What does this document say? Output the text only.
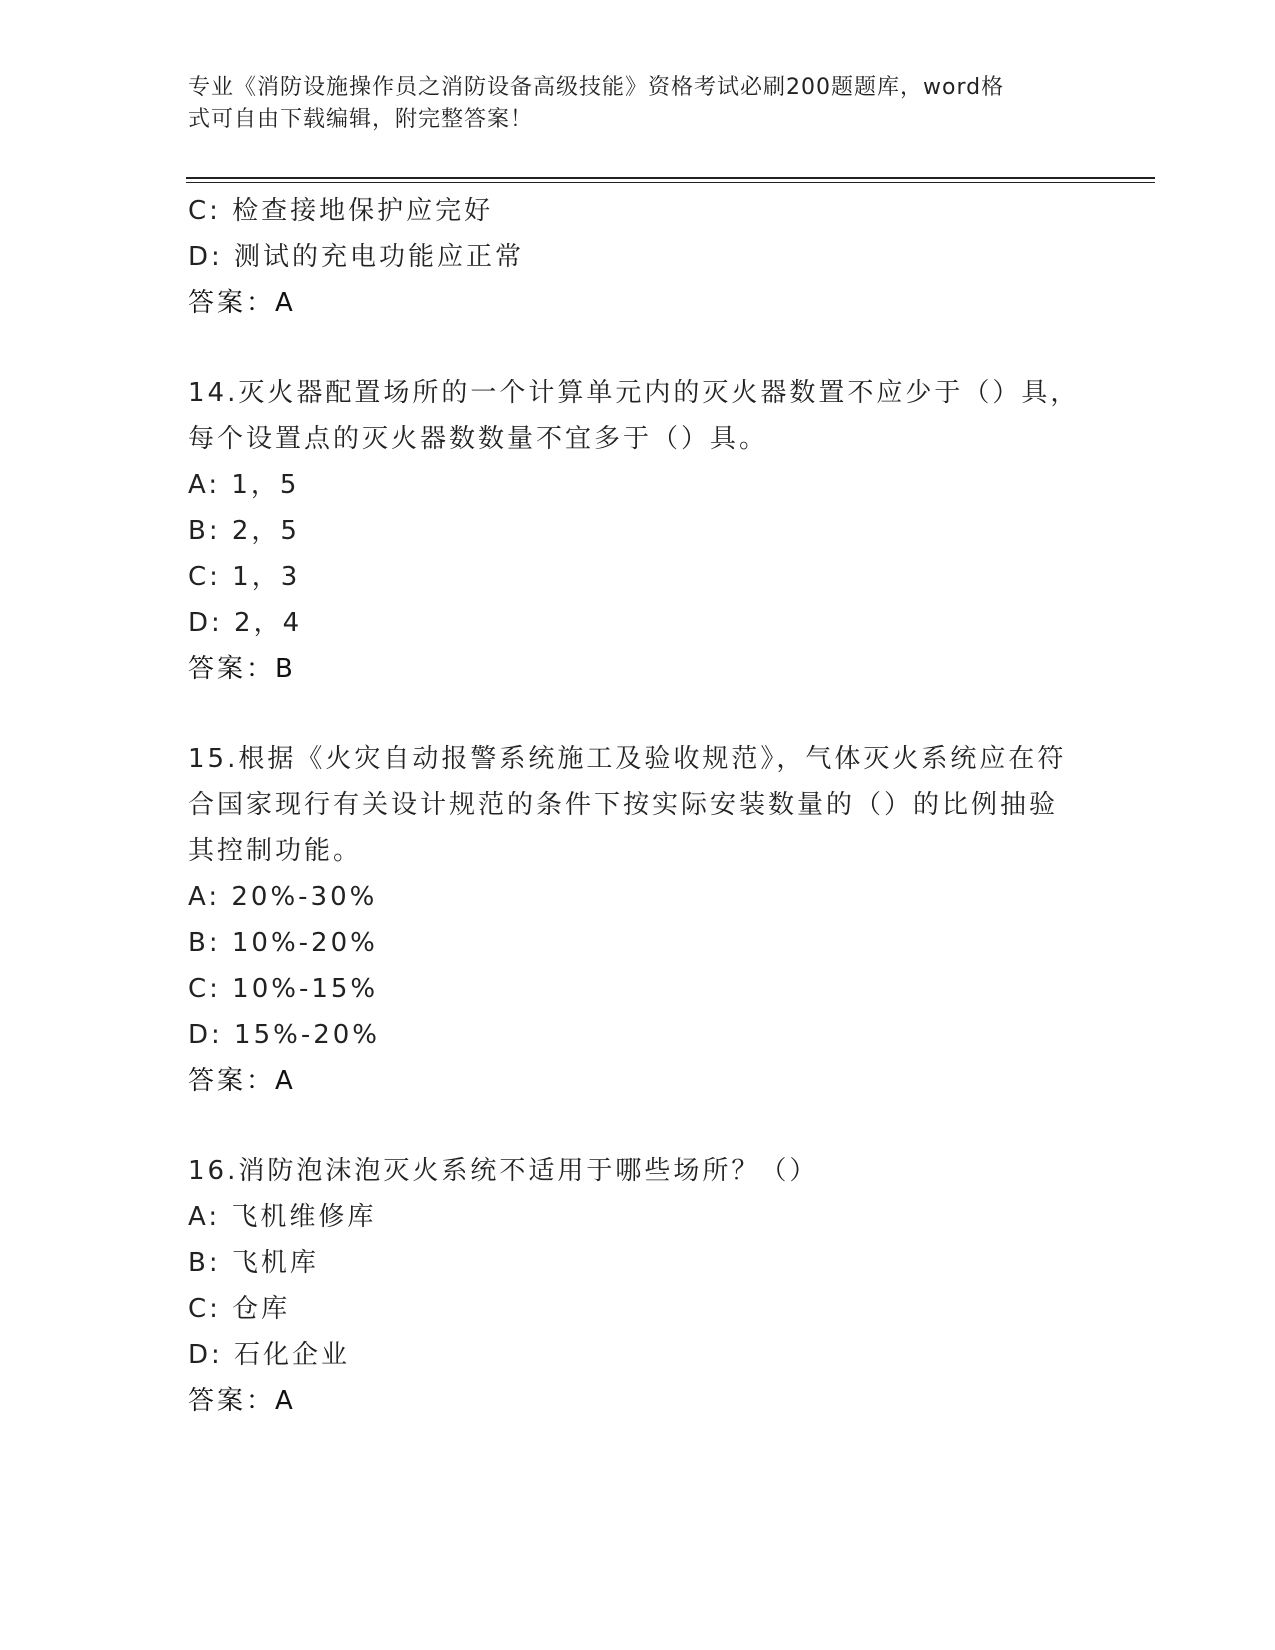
专业《消防设施操作员之消防设备高级技能》资格考试必刷200题题库，word格
式可自由下载编辑，附完整答案！
C: 检查接地保护应完好
D: 测试的充电功能应正常
答案：A
14.灭火器配置场所的一个计算单元内的灭火器数置不应少于（）具，
每个设置点的灭火器数数量不宜多于（）具。
A: 1，5
B: 2，5
C: 1，3
D: 2，4
答案：B
15.根据《火灾自动报警系统施工及验收规范》，气体灭火系统应在符
合国家现行有关设计规范的条件下按实际安装数量的（）的比例抽验
其控制功能。
A: 20%-30%
B: 10%-20%
C: 10%-15%
D: 15%-20%
答案：A
16.消防泡沫泡灭火系统不适用于哪些场所？（）
A: 飞机维修库
B: 飞机库
C: 仓库
D: 石化企业
答案：A
